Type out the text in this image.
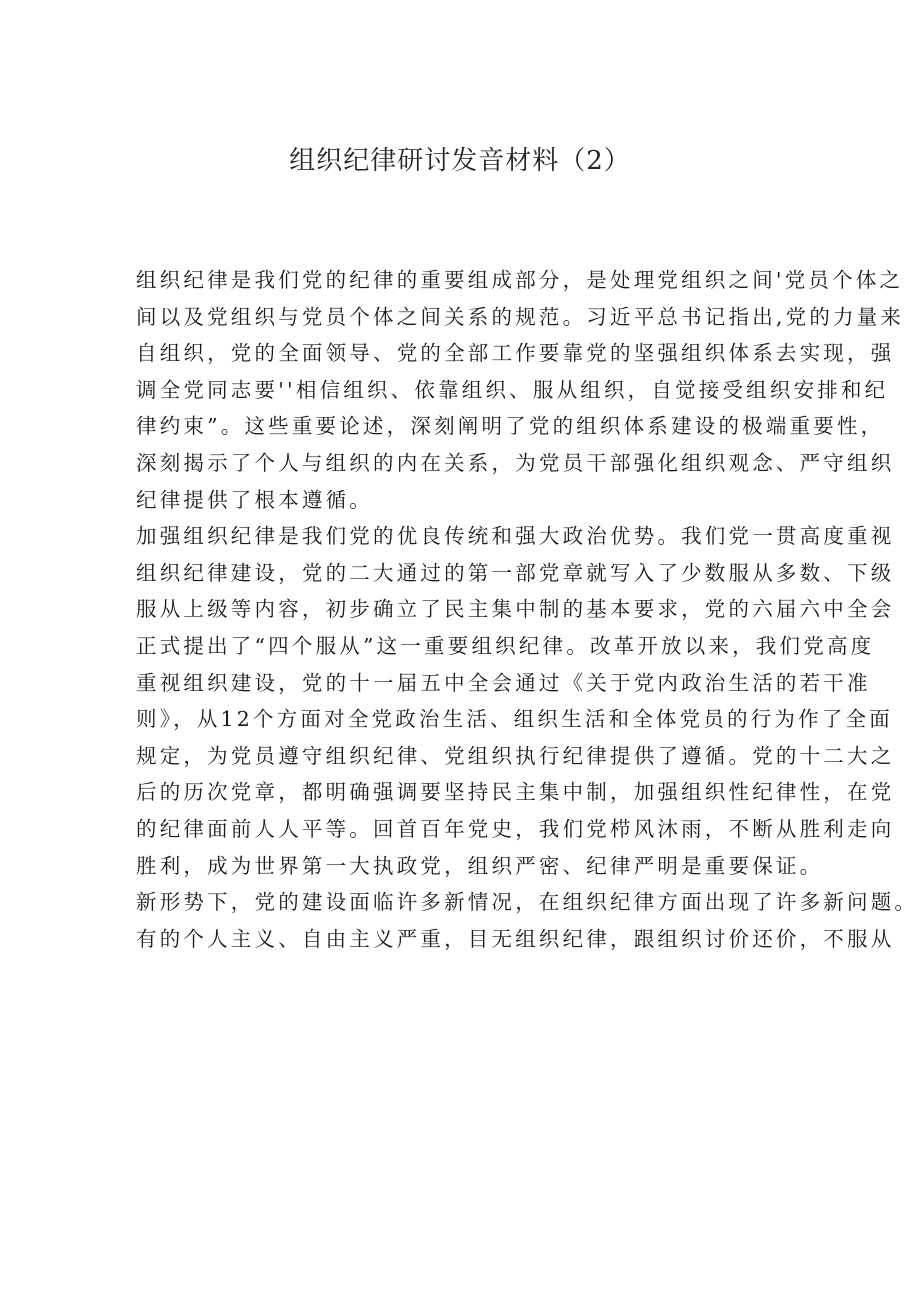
组织纪律研讨发音材料（2）

组织纪律是我们党的纪律的重要组成部分，是处理党组织之间'党员个体之
间以及党组织与党员个体之间关系的规范。习近平总书记指出,党的力量来
自组织，党的全面领导、党的全部工作要靠党的坚强组织体系去实现，强
调全党同志要''相信组织、依靠组织、服从组织，自觉接受组织安排和纪
律约束”。这些重要论述，深刻阐明了党的组织体系建设的极端重要性，
深刻揭示了个人与组织的内在关系，为党员干部强化组织观念、严守组织
纪律提供了根本遵循。

加强组织纪律是我们党的优良传统和强大政治优势。我们党一贯高度重视
组织纪律建设，党的二大通过的第一部党章就写入了少数服从多数、下级
服从上级等内容，初步确立了民主集中制的基本要求，党的六届六中全会
正式提出了“四个服从”这一重要组织纪律。改革开放以来，我们党高度
重视组织建设，党的十一届五中全会通过《关于党内政治生活的若干准
则》，从12个方面对全党政治生活、组织生活和全体党员的行为作了全面
规定，为党员遵守组织纪律、党组织执行纪律提供了遵循。党的十二大之
后的历次党章，都明确强调要坚持民主集中制，加强组织性纪律性，在党
的纪律面前人人平等。回首百年党史，我们党栉风沐雨，不断从胜利走向
胜利，成为世界第一大执政党，组织严密、纪律严明是重要保证。

新形势下，党的建设面临许多新情况，在组织纪律方面出现了许多新问题。
有的个人主义、自由主义严重，目无组织纪律，跟组织讨价还价，不服从
